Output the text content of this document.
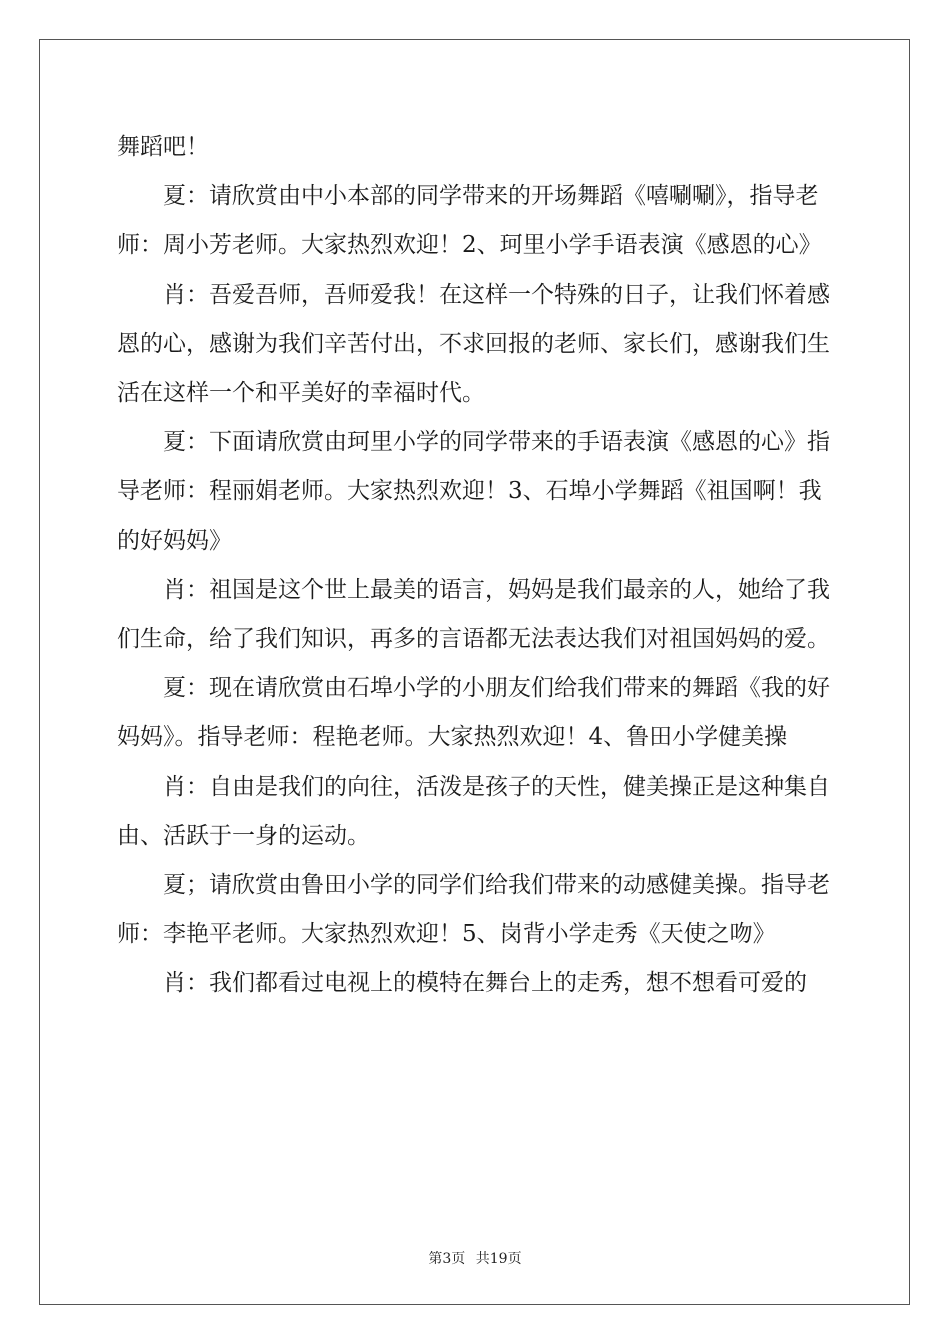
舞蹈吧！

夏：请欣赏由中小本部的同学带来的开场舞蹈《嘻唰唰》，指导老师：周小芳老师。大家热烈欢迎！2、珂里小学手语表演《感恩的心》

肖：吾爱吾师，吾师爱我！在这样一个特殊的日子，让我们怀着感恩的心，感谢为我们辛苦付出，不求回报的老师、家长们，感谢我们生活在这样一个和平美好的幸福时代。

夏：下面请欣赏由珂里小学的同学带来的手语表演《感恩的心》指导老师：程丽娟老师。大家热烈欢迎！3、石埠小学舞蹈《祖国啊！我的好妈妈》

肖：祖国是这个世上最美的语言，妈妈是我们最亲的人，她给了我们生命，给了我们知识，再多的言语都无法表达我们对祖国妈妈的爱。

夏：现在请欣赏由石埠小学的小朋友们给我们带来的舞蹈《我的好妈妈》。指导老师：程艳老师。大家热烈欢迎！4、鲁田小学健美操

肖：自由是我们的向往，活泼是孩子的天性，健美操正是这种集自由、活跃于一身的运动。

夏；请欣赏由鲁田小学的同学们给我们带来的动感健美操。指导老师：李艳平老师。大家热烈欢迎！5、岗背小学走秀《天使之吻》

肖：我们都看过电视上的模特在舞台上的走秀，想不想看可爱的

第3页 共19页
